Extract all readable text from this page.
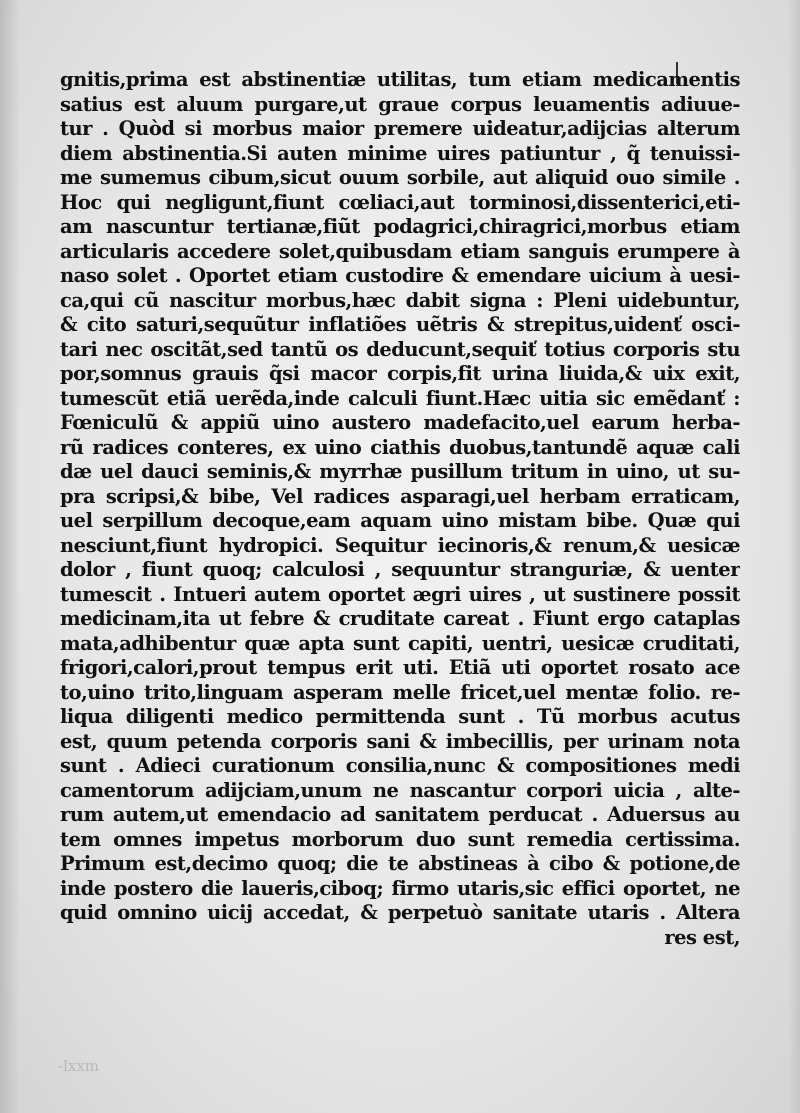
gnitis,prima est abstinentiæ utilitas, tum etiam medicamentis
satius est aluum purgare,ut graue corpus leuamentis adiuue-
tur . Quòd si morbus maior premere uideatur,adijcias alterum
diem abstinentia.Si auten minime uires patiuntur , q̃ tenuissi-
me sumemus cibum,sicut ouum sorbile, aut aliquid ouo simile .
Hoc qui negligunt,fiunt cœliaci,aut torminosi,dissenterici,eti-
am nascuntur tertianæ,fiũt podagrici,chiragrici,morbus etiam
articularis accedere solet,quibusdam etiam sanguis erumpere à
naso solet . Oportet etiam custodire & emendare uicium à uesi-
ca,qui cũ nascitur morbus,hæc dabit signa : Pleni uidebuntur,
& cito saturi,sequũtur inflatiões uẽtris & strepitus,uidenť osci-
tari nec oscitãt,sed tantũ os deducunt,sequiť totius corporis stu
por,somnus grauis q̃si macor corpis,fit urina liuida,& uix exit,
tumescũt etiã uerẽda,inde calculi fiunt.Hæc uitia sic emẽdanť :
Fœniculũ & appiũ uino austero madefacito,uel earum herba-
rũ radices conteres, ex uino ciathis duobus,tantundẽ aquæ cali
dæ uel dauci seminis,& myrrhæ pusillum tritum in uino, ut su-
pra scripsi,& bibe, Vel radices asparagi,uel herbam erraticam,
uel serpillum decoque,eam aquam uino mistam bibe. Quæ qui
nesciunt,fiunt hydropici. Sequitur iecinoris,& renum,& uesicæ
dolor , fiunt quoq; calculosi , sequuntur stranguriæ, & uenter
tumescit . Intueri autem oportet ægri uires , ut sustinere possit
medicinam,ita ut febre & cruditate careat . Fiunt ergo cataplas
mata,adhibentur quæ apta sunt capiti, uentri, uesicæ cruditati,
frigori,calori,prout tempus erit uti. Etiã uti oportet rosato ace
to,uino trito,linguam asperam melle fricet,uel mentæ folio. re-
liqua diligenti medico permittenda sunt . Tũ morbus acutus
est, quum petenda corporis sani & imbecillis, per urinam nota
sunt . Adieci curationum consilia,nunc & compositiones medi
camentorum adijciam,unum ne nascantur corpori uicia , alte-
rum autem,ut emendacio ad sanitatem perducat . Aduersus au
tem omnes impetus morborum duo sunt remedia certissima.
Primum est,decimo quoq; die te abstineas à cibo & potione,de
inde postero die laueris,ciboq; firmo utaris,sic effici oportet, ne
quid omnino uicij accedat, & perpetuò sanitate utaris . Altera
res est,
-lxxm
